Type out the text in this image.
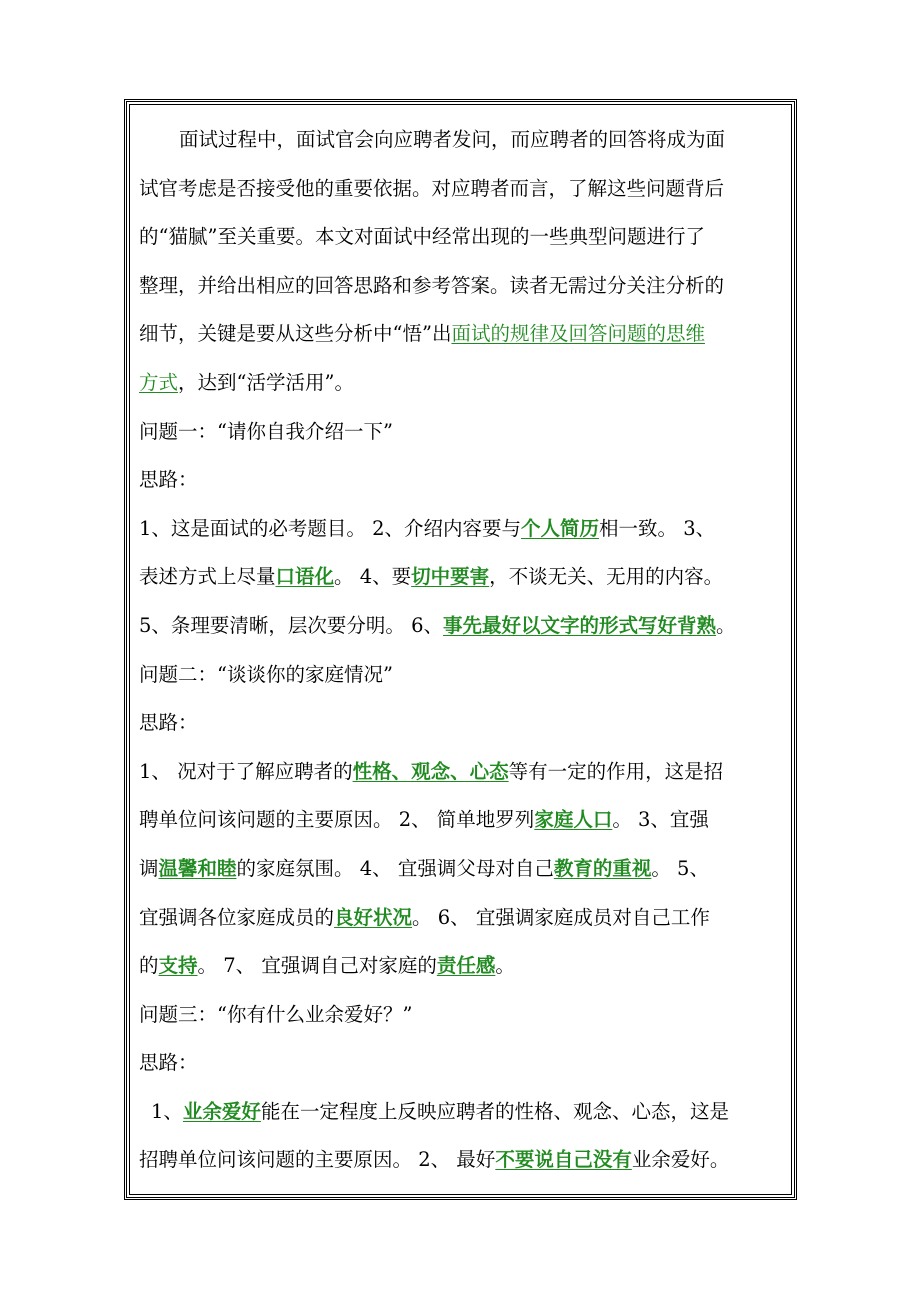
面试过程中，面试官会向应聘者发问，而应聘者的回答将成为面

试官考虑是否接受他的重要依据。对应聘者而言，了解这些问题背后

的“猫腻”至关重要。本文对面试中经常出现的一些典型问题进行了

整理，并给出相应的回答思路和参考答案。读者无需过分关注分析的

细节，关键是要从这些分析中“悟”出面试的规律及回答问题的思维

方式，达到“活学活用”。

问题一：“请你自我介绍一下”

思路：

1、这是面试的必考题目。 2、介绍内容要与个人简历相一致。 3、

表述方式上尽量口语化。 4、要切中要害，不谈无关、无用的内容。

5、条理要清晰，层次要分明。 6、事先最好以文字的形式写好背熟。

问题二：“谈谈你的家庭情况”

思路：

1、 况对于了解应聘者的性格、观念、心态等有一定的作用，这是招

聘单位问该问题的主要原因。 2、 简单地罗列家庭人口。 3、宜强

调温馨和睦的家庭氛围。 4、 宜强调父母对自己教育的重视。 5、

宜强调各位家庭成员的良好状况。 6、 宜强调家庭成员对自己工作

的支持。 7、 宜强调自己对家庭的责任感。

问题三：“你有什么业余爱好？”

思路：

1、业余爱好能在一定程度上反映应聘者的性格、观念、心态，这是

招聘单位问该问题的主要原因。 2、 最好不要说自己没有业余爱好。
